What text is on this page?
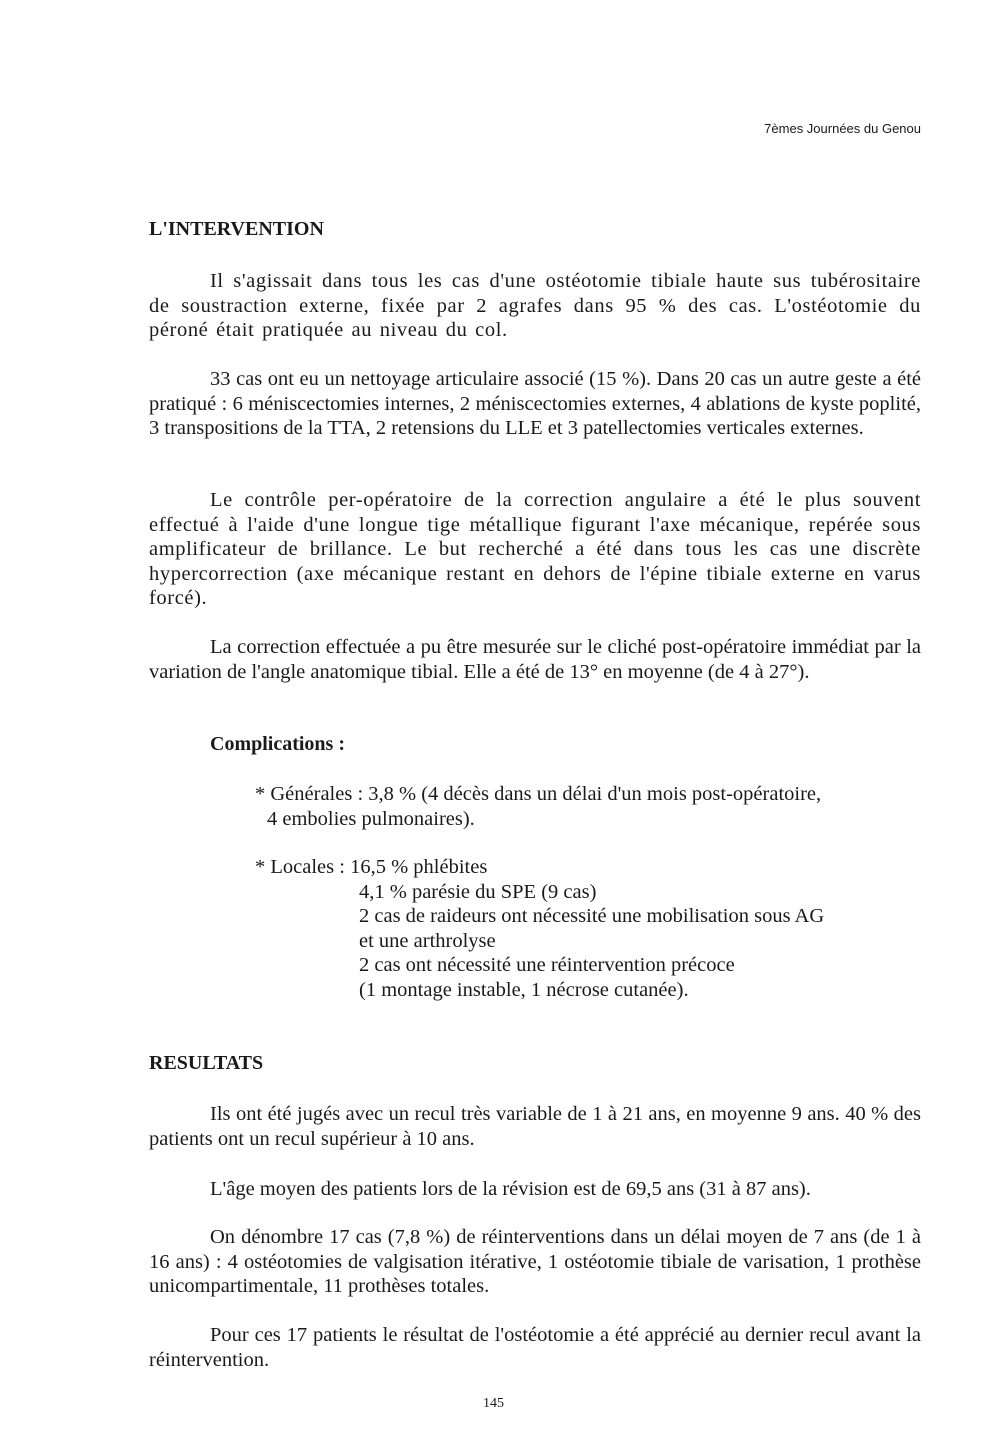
7èmes Journées du Genou
L'INTERVENTION

Il s'agissait dans tous les cas d'une ostéotomie tibiale haute sus tubérositaire de soustraction externe, fixée par 2 agrafes dans 95 % des cas. L'ostéotomie du péroné était pratiquée au niveau du col.

33 cas ont eu un nettoyage articulaire associé (15 %). Dans 20 cas un autre geste a été pratiqué : 6 méniscectomies internes, 2 méniscectomies externes, 4 ablations de kyste poplité, 3 transpositions de la TTA, 2 retensions du LLE et 3 patellectomies verticales externes.

Le contrôle per-opératoire de la correction angulaire a été le plus souvent effectué à l'aide d'une longue tige métallique figurant l'axe mécanique, repérée sous amplificateur de brillance. Le but recherché a été dans tous les cas une discrète hypercorrection (axe mécanique restant en dehors de l'épine tibiale externe en varus forcé).

La correction effectuée a pu être mesurée sur le cliché post-opératoire immédiat par la variation de l'angle anatomique tibial. Elle a été de 13° en moyenne (de 4 à 27°).

Complications :

* Générales : 3,8 % (4 décès dans un délai d'un mois post-opératoire,
4 embolies pulmonaires).

* Locales : 16,5 % phlébites
4,1 % parésie du SPE (9 cas)
2 cas de raideurs ont nécessité une mobilisation sous AG
et une arthrolyse
2 cas ont nécessité une réintervention précoce
(1 montage instable, 1 nécrose cutanée).
RESULTATS

Ils ont été jugés avec un recul très variable de 1 à 21 ans, en moyenne 9 ans. 40 % des patients ont un recul supérieur à 10 ans.

L'âge moyen des patients lors de la révision est de 69,5 ans (31 à 87 ans).

On dénombre 17 cas (7,8 %) de réinterventions dans un délai moyen de 7 ans (de 1 à 16 ans) : 4 ostéotomies de valgisation itérative, 1 ostéotomie tibiale de varisation, 1 prothèse unicompartimentale, 11 prothèses totales.

Pour ces 17 patients le résultat de l'ostéotomie a été apprécié au dernier recul avant la réintervention.

145
